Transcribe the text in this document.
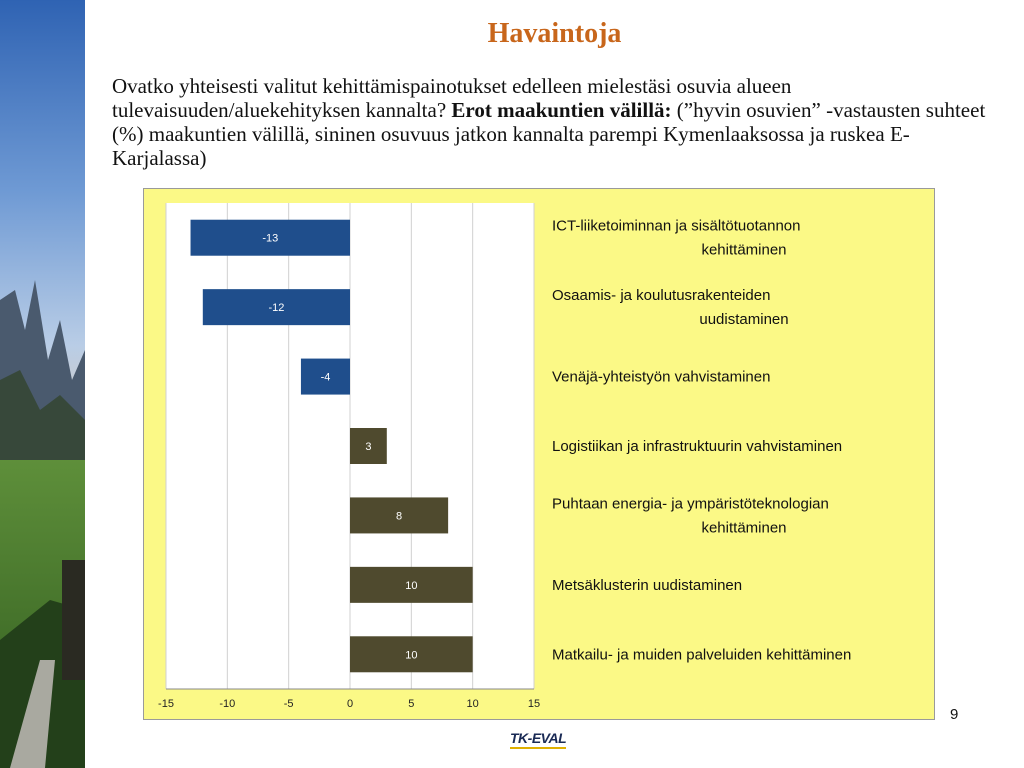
Havaintoja
Ovatko yhteisesti valitut kehittämispainotukset edelleen mielestäsi osuvia alueen tulevaisuuden/aluekehityksen kannalta? Erot maakuntien välillä: (”hyvin osuvien” -vastausten suhteet (%) maakuntien välillä, sininen osuvuus jatkon kannalta parempi Kymenlaaksossa ja ruskea E-Karjalassa)
-15	-10	-5	0	5	10	15
-13
ICT-liiketoiminnan ja sisältötuotannon
kehittäminen
-12
Osaamis- ja koulutusrakenteiden
uudistaminen
-4	Venäjä-yhteistyön vahvistaminen
3	Logistiikan ja infrastruktuurin vahvistaminen
8
Puhtaan energia- ja ympäristöteknologian
kehittäminen
10	Metsäklusterin uudistaminen
10	Matkailu- ja muiden palveluiden kehittäminen
9
TK-EVAL
